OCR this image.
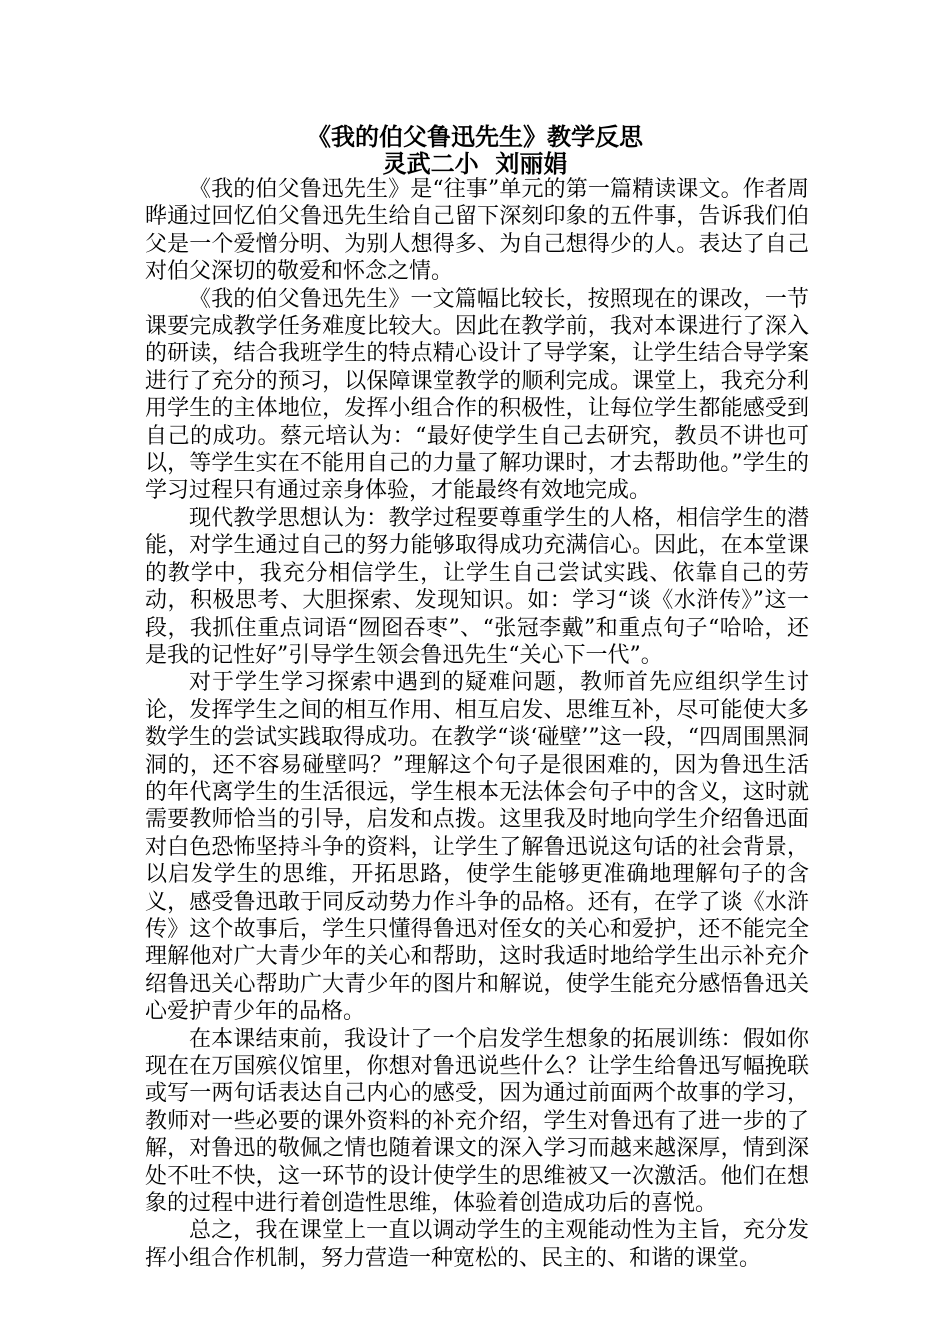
《我的伯父鲁迅先生》教学反思
灵武二小  刘丽娟

《我的伯父鲁迅先生》是“往事”单元的第一篇精读课文。作者周晔通过回忆伯父鲁迅先生给自己留下深刻印象的五件事，告诉我们伯父是一个爱憎分明、为别人想得多、为自己想得少的人。表达了自己对伯父深切的敬爱和怀念之情。

《我的伯父鲁迅先生》一文篇幅比较长，按照现在的课改，一节课要完成教学任务难度比较大。因此在教学前，我对本课进行了深入的研读，结合我班学生的特点精心设计了导学案，让学生结合导学案进行了充分的预习，以保障课堂教学的顺利完成。课堂上，我充分利用学生的主体地位，发挥小组合作的积极性，让每位学生都能感受到自己的成功。蔡元培认为：“最好使学生自己去研究，教员不讲也可以，等学生实在不能用自己的力量了解功课时，才去帮助他。”学生的学习过程只有通过亲身体验，才能最终有效地完成。

现代教学思想认为：教学过程要尊重学生的人格，相信学生的潜能，对学生通过自己的努力能够取得成功充满信心。因此，在本堂课的教学中，我充分相信学生，让学生自己尝试实践、依靠自己的劳动，积极思考、大胆探索、发现知识。如：学习“谈《水浒传》”这一段，我抓住重点词语“囫囵吞枣”、“张冠李戴”和重点句子“哈哈，还是我的记性好”引导学生领会鲁迅先生“关心下一代”。

对于学生学习探索中遇到的疑难问题，教师首先应组织学生讨论，发挥学生之间的相互作用、相互启发、思维互补，尽可能使大多数学生的尝试实践取得成功。在教学“谈‘碰壁’”这一段，“四周围黑洞洞的，还不容易碰壁吗？”理解这个句子是很困难的，因为鲁迅生活的年代离学生的生活很远，学生根本无法体会句子中的含义，这时就需要教师恰当的引导，启发和点拨。这里我及时地向学生介绍鲁迅面对白色恐怖坚持斗争的资料，让学生了解鲁迅说这句话的社会背景，以启发学生的思维，开拓思路，使学生能够更准确地理解句子的含义，感受鲁迅敢于同反动势力作斗争的品格。还有，在学了谈《水浒传》这个故事后，学生只懂得鲁迅对侄女的关心和爱护，还不能完全理解他对广大青少年的关心和帮助，这时我适时地给学生出示补充介绍鲁迅关心帮助广大青少年的图片和解说，使学生能充分感悟鲁迅关心爱护青少年的品格。

在本课结束前，我设计了一个启发学生想象的拓展训练：假如你现在在万国殡仪馆里，你想对鲁迅说些什么？让学生给鲁迅写幅挽联或写一两句话表达自己内心的感受，因为通过前面两个故事的学习，教师对一些必要的课外资料的补充介绍，学生对鲁迅有了进一步的了解，对鲁迅的敬佩之情也随着课文的深入学习而越来越深厚，情到深处不吐不快，这一环节的设计使学生的思维被又一次激活。他们在想象的过程中进行着创造性思维，体验着创造成功后的喜悦。

总之，我在课堂上一直以调动学生的主观能动性为主旨，充分发挥小组合作机制，努力营造一种宽松的、民主的、和谐的课堂。
